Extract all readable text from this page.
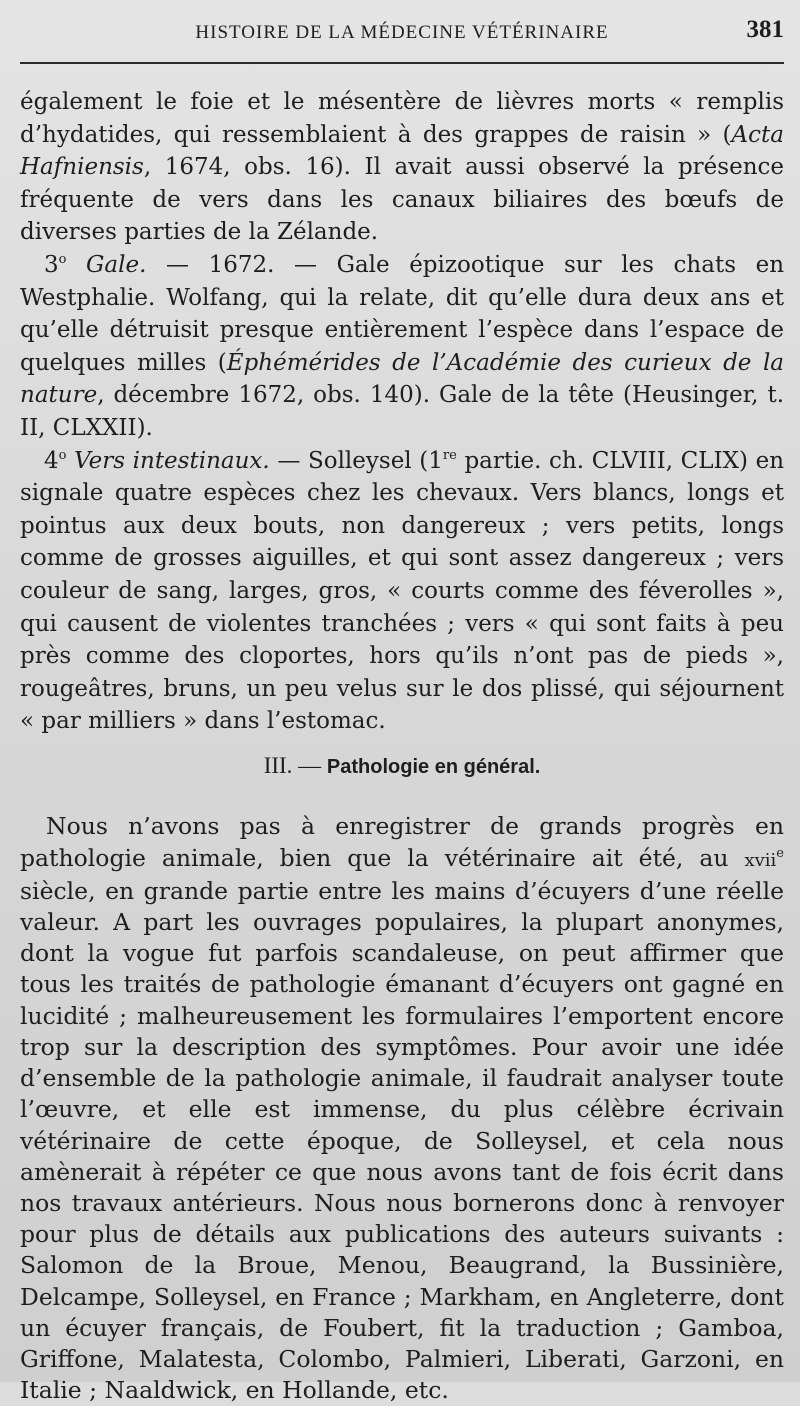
HISTOIRE DE LA MÉDECINE VÉTÉRINAIRE	381

également le foie et le mésentère de lièvres morts « remplis d’hydatides, qui ressemblaient à des grappes de raisin » (Acta Hafniensis, 1674, obs. 16). Il avait aussi observé la présence fréquente de vers dans les canaux biliaires des bœufs de diverses parties de la Zélande.

3$^o$ Gale. — 1672. — Gale épizootique sur les chats en Westphalie. Wolfang, qui la relate, dit qu’elle dura deux ans et qu’elle détruisit presque entièrement l’espèce dans l’espace de quelques milles (Éphémérides de l’Académie des curieux de la nature, décembre 1672, obs. 140). Gale de la tête (Heusinger, t. II, CLXXII).

4$^o$ Vers intestinaux. — Solleysel (1re partie. ch. CLVIII, CLIX) en signale quatre espèces chez les chevaux. Vers blancs, longs et pointus aux deux bouts, non dangereux ; vers petits, longs comme de grosses aiguilles, et qui sont assez dangereux ; vers couleur de sang, larges, gros, « courts comme des féverolles », qui causent de violentes tranchées ; vers « qui sont faits à peu près comme des cloportes, hors qu’ils n’ont pas de pieds », rougeâtres, bruns, un peu velus sur le dos plissé, qui séjournent « par milliers » dans l’estomac.

III. — Pathologie en général.

Nous n’avons pas à enregistrer de grands progrès en pathologie animale, bien que la vétérinaire ait été, au xvii$^e$ siècle, en grande partie entre les mains d’écuyers d’une réelle valeur. A part les ouvrages populaires, la plupart anonymes, dont la vogue fut parfois scandaleuse, on peut affirmer que tous les traités de pathologie émanant d’écuyers ont gagné en lucidité ; malheureusement les formulaires l’emportent encore trop sur la description des symptômes. Pour avoir une idée d’ensemble de la pathologie animale, il faudrait analyser toute l’œuvre, et elle est immense, du plus célèbre écrivain vétérinaire de cette époque, de Solleysel, et cela nous amènerait à répéter ce que nous avons tant de fois écrit dans nos travaux antérieurs. Nous nous bornerons donc à renvoyer pour plus de détails aux publications des auteurs suivants : Salomon de la Broue, Menou, Beaugrand, la Bussinière, Delcampe, Solleysel, en France ; Markham, en Angleterre, dont un écuyer français, de Foubert, fit la traduction ; Gamboa, Griffone, Malatesta, Colombo, Palmieri, Liberati, Garzoni, en Italie ; Naaldwick, en Hollande, etc.
